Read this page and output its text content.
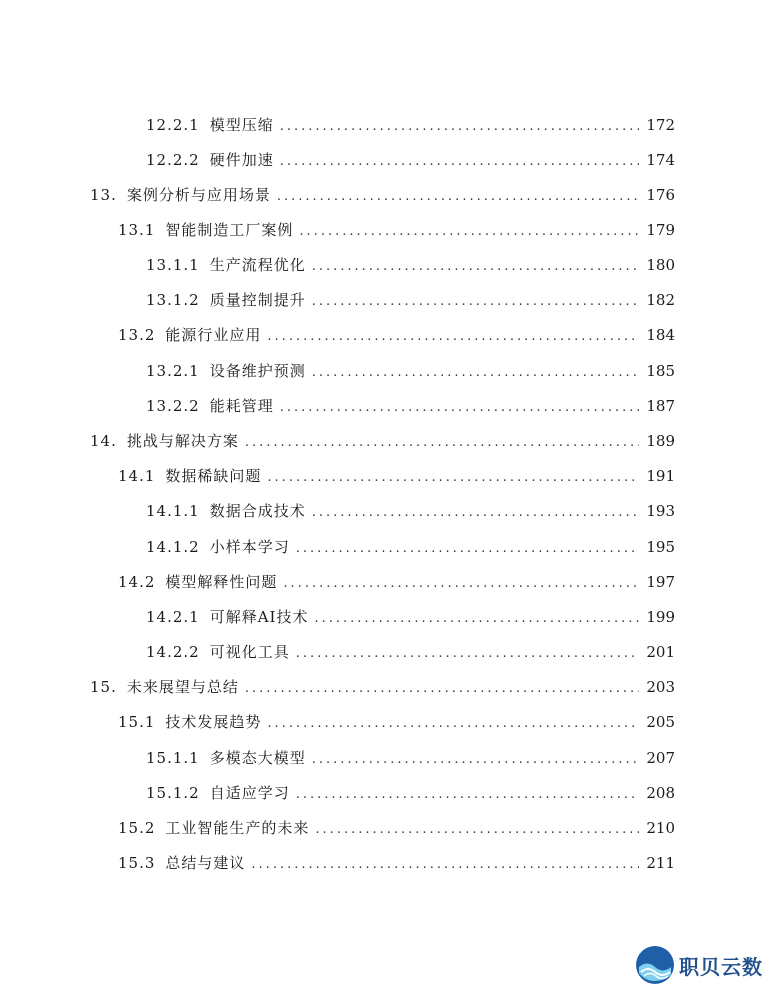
12.2.1 模型压缩 .....	172
12.2.2 硬件加速 .....	174
13. 案例分析与应用场景 .....	176
13.1 智能制造工厂案例 .....	179
13.1.1 生产流程优化 .....	180
13.1.2 质量控制提升 .....	182
13.2 能源行业应用 .....	184
13.2.1 设备维护预测 .....	185
13.2.2 能耗管理 .....	187
14. 挑战与解决方案 .....	189
14.1 数据稀缺问题 .....	191
14.1.1 数据合成技术 .....	193
14.1.2 小样本学习 .....	195
14.2 模型解释性问题 .....	197
14.2.1 可解释AI技术 .....	199
14.2.2 可视化工具 .....	201
15. 未来展望与总结 .....	203
15.1 技术发展趋势 .....	205
15.1.1 多模态大模型 .....	207
15.1.2 自适应学习 .....	208
15.2 工业智能生产的未来 .....	210
15.3 总结与建议 .....	211
职贝云数
